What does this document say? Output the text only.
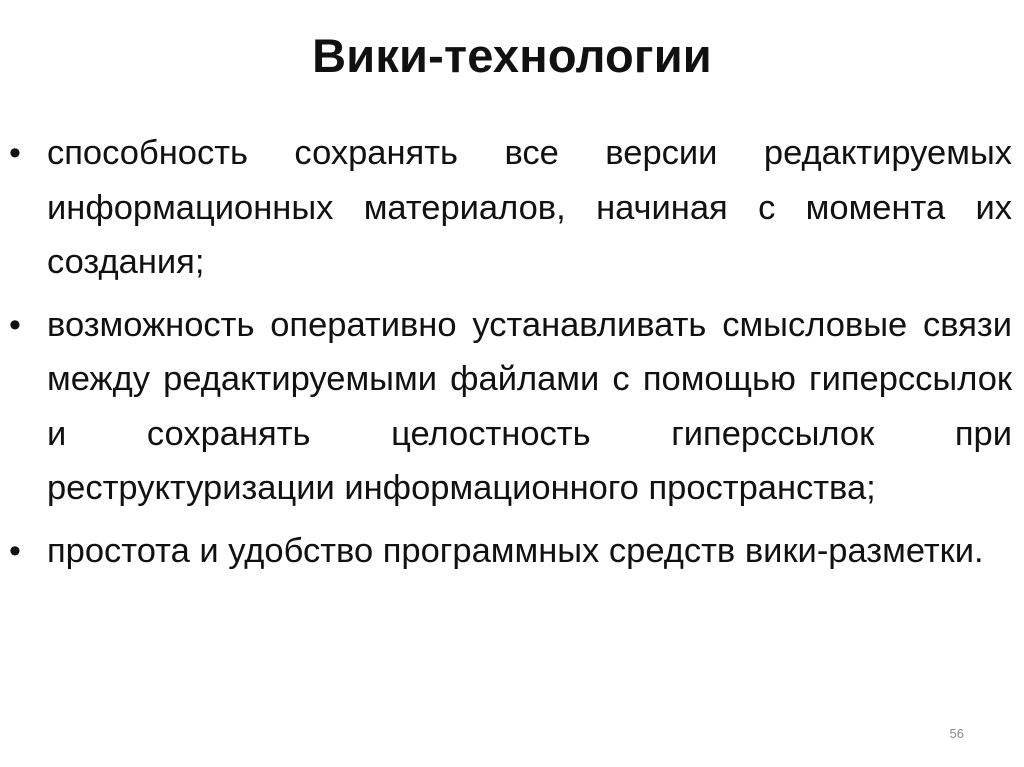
Вики-технологии
• способность сохранять все версии редактируемых информационных материалов, начиная с момента их создания;
• возможность оперативно устанавливать смысловые связи между редактируемыми файлами с помощью гиперссылок и сохранять целостность гиперссылок при реструктуризации информационного пространства;
• простота и удобство программных средств вики-разметки.
56
